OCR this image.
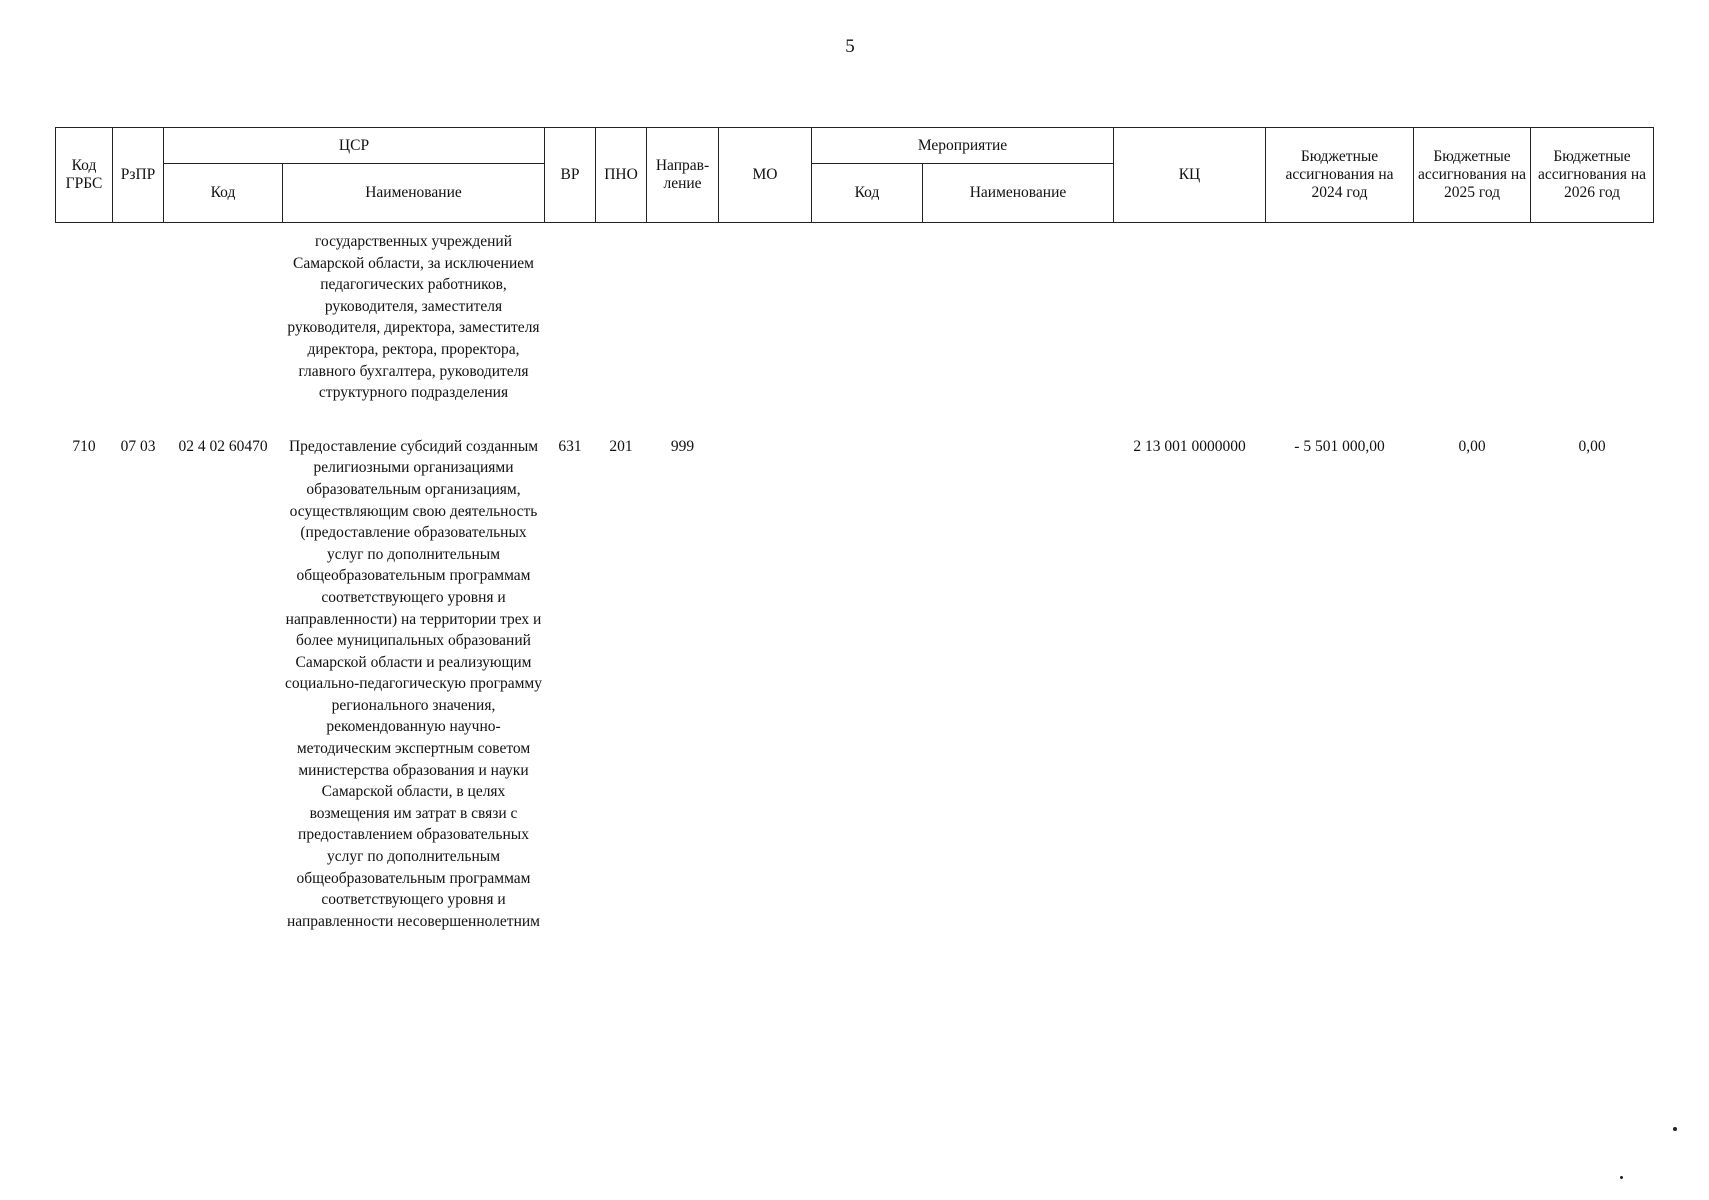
5
Код ГРБС	РзПР	ЦСР		ВР	ПНО	Направ-ление	МО	Мероприятие		КЦ	Бюджетные ассигнования на 2024 год	Бюджетные ассигнования на 2025 год	Бюджетные ассигнования на 2026 год
		Код	Наименование					Код	Наименование				
			государственных учреждений Самарской области, за исключением педагогических работников, руководителя, заместителя руководителя, директора, заместителя директора, ректора, проректора, главного бухгалтера, руководителя структурного подразделения										

710	07 03	02 4 02 60470	Предоставление субсидий созданным религиозными организациями образовательным организациям, осуществляющим свою деятельность (предоставление образовательных услуг по дополнительным общеобразовательным программам соответствующего уровня и направленности) на территории трех и более муниципальных образований Самарской области и реализующим социально-педагогическую программу регионального значения, рекомендованную научно-методическим экспертным советом министерства образования и науки Самарской области, в целях возмещения им затрат в связи с предоставлением образовательных услуг по дополнительным общеобразовательным программам соответствующего уровня и направленности несовершеннолетним	631	201	999				2 13 001 0000000	- 5 501 000,00	0,00	0,00
